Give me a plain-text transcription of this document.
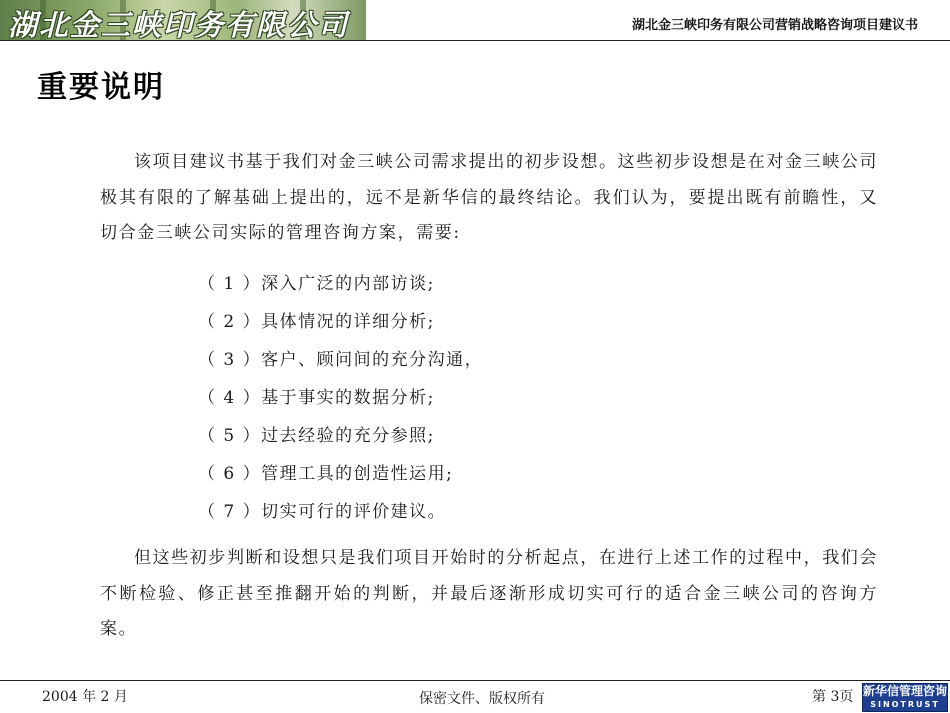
湖北金三峡印务有限公司	湖北金三峡印务有限公司营销战略咨询项目建议书
重要说明

该项目建议书基于我们对金三峡公司需求提出的初步设想。这些初步设想是在对金三峡公司极其有限的了解基础上提出的，远不是新华信的最终结论。我们认为，要提出既有前瞻性，又切合金三峡公司实际的管理咨询方案，需要:

（ 1 ）深入广泛的内部访谈;
（ 2 ）具体情况的详细分析;
（ 3 ）客户、顾问间的充分沟通，
（ 4 ）基于事实的数据分析;
（ 5 ）过去经验的充分参照;
（ 6 ）管理工具的创造性运用;
（ 7 ）切实可行的评价建议。

但这些初步判断和设想只是我们项目开始时的分析起点，在进行上述工作的过程中，我们会不断检验、修正甚至推翻开始的判断，并最后逐渐形成切实可行的适合金三峡公司的咨询方案。

2004 年 2 月	保密文件、版权所有	第 3页 新华信管理咨询
SINOTRUST
